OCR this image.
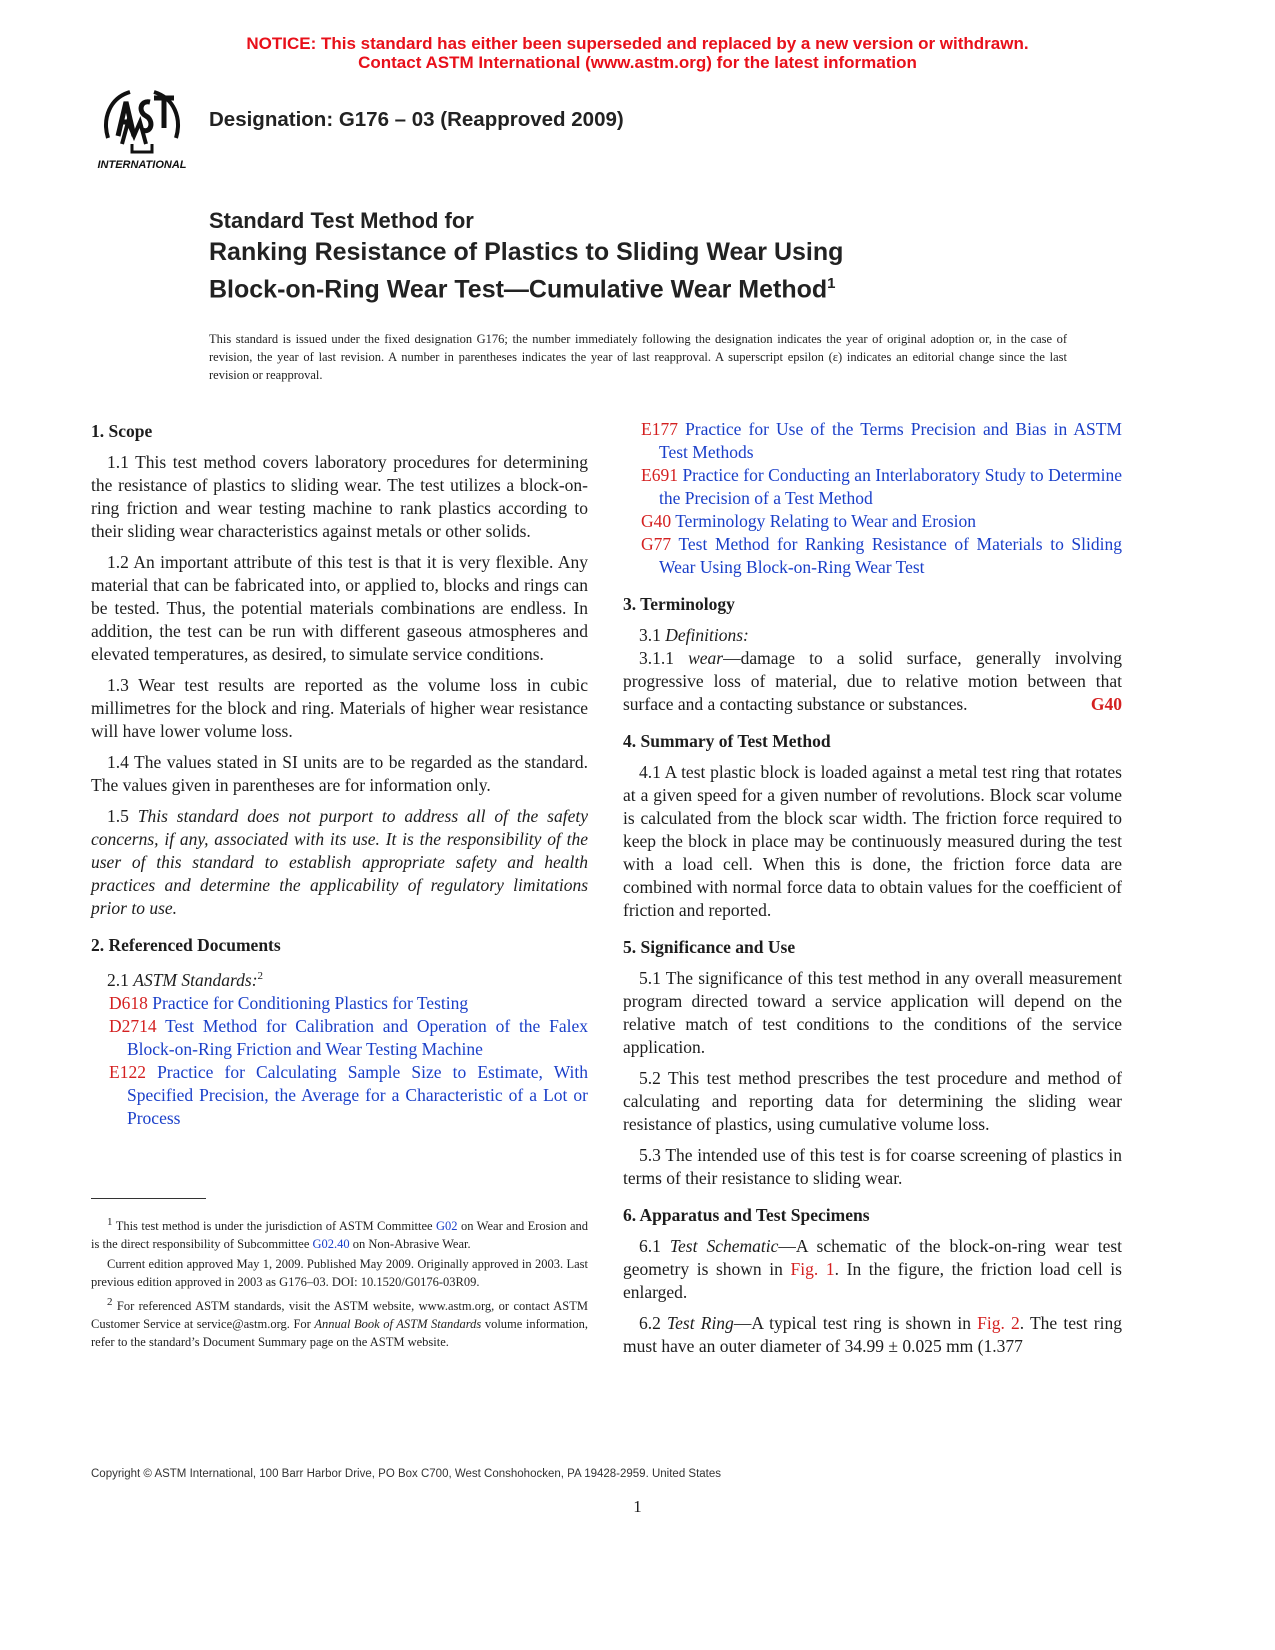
NOTICE: This standard has either been superseded and replaced by a new version or withdrawn.
Contact ASTM International (www.astm.org) for the latest information
INTERNATIONAL
Designation: G176 – 03 (Reapproved 2009)
Standard Test Method for
Ranking Resistance of Plastics to Sliding Wear Using
Block-on-Ring Wear Test—Cumulative Wear Method$^1$
This standard is issued under the fixed designation G176; the number immediately following the designation indicates the year of original adoption or, in the case of revision, the year of last revision. A number in parentheses indicates the year of last reapproval. A superscript epsilon (ε) indicates an editorial change since the last revision or reapproval.
1. Scope

1.1 This test method covers laboratory procedures for determining the resistance of plastics to sliding wear. The test utilizes a block-on-ring friction and wear testing machine to rank plastics according to their sliding wear characteristics against metals or other solids.

1.2 An important attribute of this test is that it is very flexible. Any material that can be fabricated into, or applied to, blocks and rings can be tested. Thus, the potential materials combinations are endless. In addition, the test can be run with different gaseous atmospheres and elevated temperatures, as desired, to simulate service conditions.

1.3 Wear test results are reported as the volume loss in cubic millimetres for the block and ring. Materials of higher wear resistance will have lower volume loss.

1.4 The values stated in SI units are to be regarded as the standard. The values given in parentheses are for information only.

1.5 This standard does not purport to address all of the safety concerns, if any, associated with its use. It is the responsibility of the user of this standard to establish appropriate safety and health practices and determine the applicability of regulatory limitations prior to use.

2. Referenced Documents

2.1 ASTM Standards:$^2$

D618 Practice for Conditioning Plastics for Testing
D2714 Test Method for Calibration and Operation of the Falex Block-on-Ring Friction and Wear Testing Machine
E122 Practice for Calculating Sample Size to Estimate, With Specified Precision, the Average for a Characteristic of a Lot or Process

$^1$ This test method is under the jurisdiction of ASTM Committee G02 on Wear and Erosion and is the direct responsibility of Subcommittee G02.40 on Non-Abrasive Wear.

Current edition approved May 1, 2009. Published May 2009. Originally approved in 2003. Last previous edition approved in 2003 as G176–03. DOI: 10.1520/G0176-03R09.

$^2$ For referenced ASTM standards, visit the ASTM website, www.astm.org, or contact ASTM Customer Service at service@astm.org. For Annual Book of ASTM Standards volume information, refer to the standard’s Document Summary page on the ASTM website.

E177 Practice for Use of the Terms Precision and Bias in ASTM Test Methods
E691 Practice for Conducting an Interlaboratory Study to Determine the Precision of a Test Method
G40 Terminology Relating to Wear and Erosion
G77 Test Method for Ranking Resistance of Materials to Sliding Wear Using Block-on-Ring Wear Test
3. Terminology

3.1 Definitions:

3.1.1 wear—damage to a solid surface, generally involving progressive loss of material, due to relative motion between that surface and a contacting substance or substances.	G40

4. Summary of Test Method

4.1 A test plastic block is loaded against a metal test ring that rotates at a given speed for a given number of revolutions. Block scar volume is calculated from the block scar width. The friction force required to keep the block in place may be continuously measured during the test with a load cell. When this is done, the friction force data are combined with normal force data to obtain values for the coefficient of friction and reported.

5. Significance and Use

5.1 The significance of this test method in any overall measurement program directed toward a service application will depend on the relative match of test conditions to the conditions of the service application.

5.2 This test method prescribes the test procedure and method of calculating and reporting data for determining the sliding wear resistance of plastics, using cumulative volume loss.

5.3 The intended use of this test is for coarse screening of plastics in terms of their resistance to sliding wear.

6. Apparatus and Test Specimens

6.1 Test Schematic—A schematic of the block-on-ring wear test geometry is shown in Fig. 1. In the figure, the friction load cell is enlarged.

6.2 Test Ring—A typical test ring is shown in Fig. 2. The test ring must have an outer diameter of 34.99 ± 0.025 mm (1.377

Copyright © ASTM International, 100 Barr Harbor Drive, PO Box C700, West Conshohocken, PA 19428-2959. United States
1
